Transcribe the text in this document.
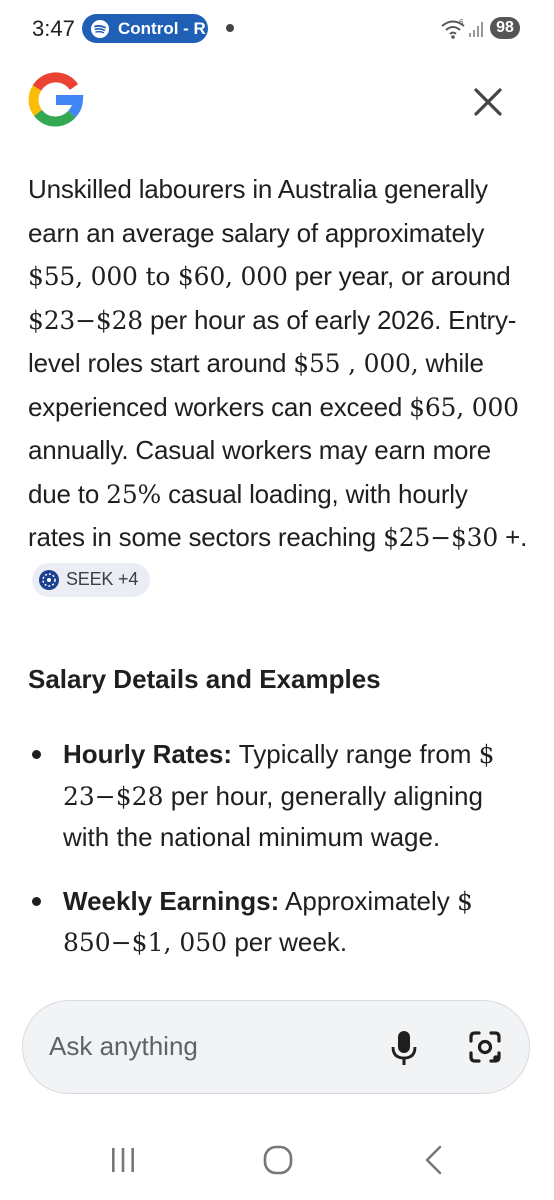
3:47	Control - R	6	98

Unskilled labourers in Australia generally earn an average salary of approximately $55, 000 to $60, 000 per year, or around $23−$28 per hour as of early 2026. Entry-level roles start around $55 , 000, while experienced workers can exceed $65, 000 annually. Casual workers may earn more due to 25% casual loading, with hourly rates in some sectors reaching $25−$30 +.
SEEK +4

Salary Details and Examples
Hourly Rates: Typically range from $ 23−$28 per hour, generally aligning with the national minimum wage.
Weekly Earnings: Approximately $ 850−$1, 050 per week.
Ask anything
